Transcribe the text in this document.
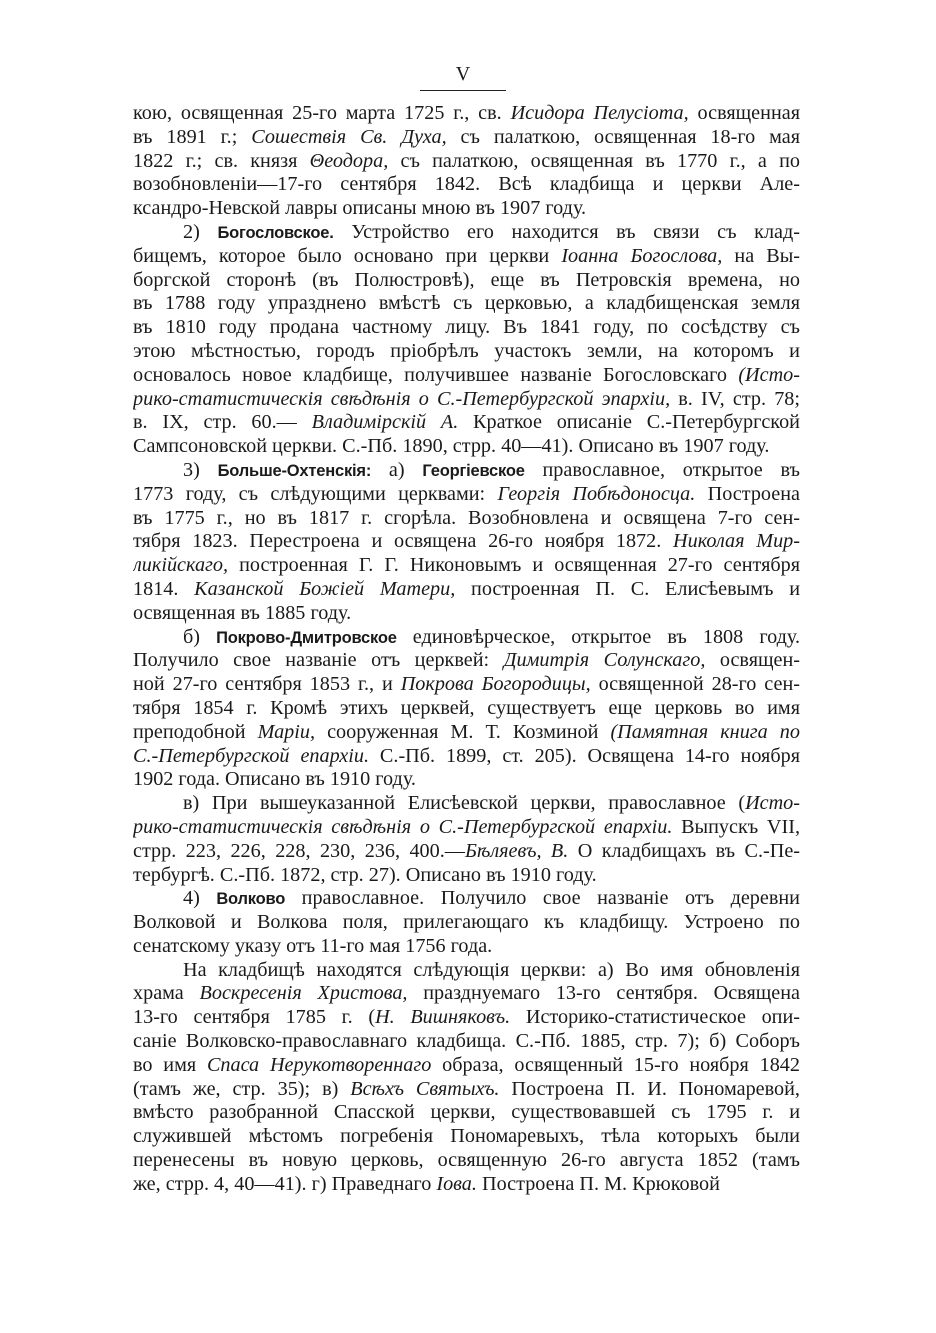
V
кою, освященная 25-го марта 1725 г., св. Исидора Пелусіота, освященная
въ 1891 г.; Сошествія Св. Духа, съ палаткою, освященная 18-го мая
1822 г.; св. князя Θеодора, съ палаткою, освященная въ 1770 г., а по
возобновленіи—17-го сентября 1842. Всѣ кладбища и церкви Але-
ксандро-Невской лавры описаны мною въ 1907 году.
2) Богословское. Устройство его находится въ связи съ клад-
бищемъ, которое было основано при церкви Іоанна Богослова, на Вы-
боргской сторонѣ (въ Полюстровѣ), еще въ Петровскія времена, но
въ 1788 году упразднено вмѣстѣ съ церковью, а кладбищенская земля
въ 1810 году продана частному лицу. Въ 1841 году, по сосѣдству съ
этою мѣстностью, городъ пріобрѣлъ участокъ земли, на которомъ и
основалось новое кладбище, получившее названіе Богословскаго (Исто-
рико-статистическія свѣдѣнія о С.-Петербургской эпархіи, в. IV, стр. 78;
в. IX, стр. 60.— Владимірскій А. Краткое описаніе С.-Петербургской
Сампсоновской церкви. С.-Пб. 1890, стрр. 40—41). Описано въ 1907 году.
3) Больше-Охтенскія: а) Георгіевское православное, открытое въ
1773 году, съ слѣдующими церквами: Георгія Побѣдоносца. Построена
въ 1775 г., но въ 1817 г. сгорѣла. Возобновлена и освящена 7-го сен-
тября 1823. Перестроена и освящена 26-го ноября 1872. Николая Мир-
ликійскаго, построенная Г. Г. Никоновымъ и освященная 27-го сентября
1814. Казанской Божіей Матери, построенная П. С. Елисѣевымъ и
освященная въ 1885 году.
б) Покрово-Дмитровское единовѣрческое, открытое въ 1808 году.
Получило свое названіе отъ церквей: Димитрія Солунскаго, освящен-
ной 27-го сентября 1853 г., и Покрова Богородицы, освященной 28-го сен-
тября 1854 г. Кромѣ этихъ церквей, существуетъ еще церковь во имя
преподобной Маріи, сооруженная М. Т. Козминой (Памятная книга по
С.-Петербургской епархіи. С.-Пб. 1899, ст. 205). Освящена 14-го ноября
1902 года. Описано въ 1910 году.
в) При вышеуказанной Елисѣевской церкви, православное (Исто-
рико-статистическія свѣдѣнія о С.-Петербургской епархіи. Выпускъ VII,
стрр. 223, 226, 228, 230, 236, 400.—Бѣляевъ, В. О кладбищахъ въ С.-Пе-
тербургѣ. С.-Пб. 1872, стр. 27). Описано въ 1910 году.
4) Волково православное. Получило свое названіе отъ деревни
Волковой и Волкова поля, прилегающаго къ кладбищу. Устроено по
сенатскому указу отъ 11-го мая 1756 года.
На кладбищѣ находятся слѣдующія церкви: а) Во имя обновленія
храма Воскресенія Христова, празднуемаго 13-го сентября. Освящена
13-го сентября 1785 г. (Н. Вишняковъ. Историко-статистическое опи-
саніе Волковско-православнаго кладбища. С.-Пб. 1885, стр. 7); б) Соборъ
во имя Спаса Нерукотвореннаго образа, освященный 15-го ноября 1842
(тамъ же, стр. 35); в) Всѣхъ Святыхъ. Построена П. И. Пономаревой,
вмѣсто разобранной Спасской церкви, существовавшей съ 1795 г. и
служившей мѣстомъ погребенія Пономаревыхъ, тѣла которыхъ были
перенесены въ новую церковь, освященную 26-го августа 1852 (тамъ
же, стрр. 4, 40—41). г) Праведнаго Іова. Построена П. М. Крюковой
